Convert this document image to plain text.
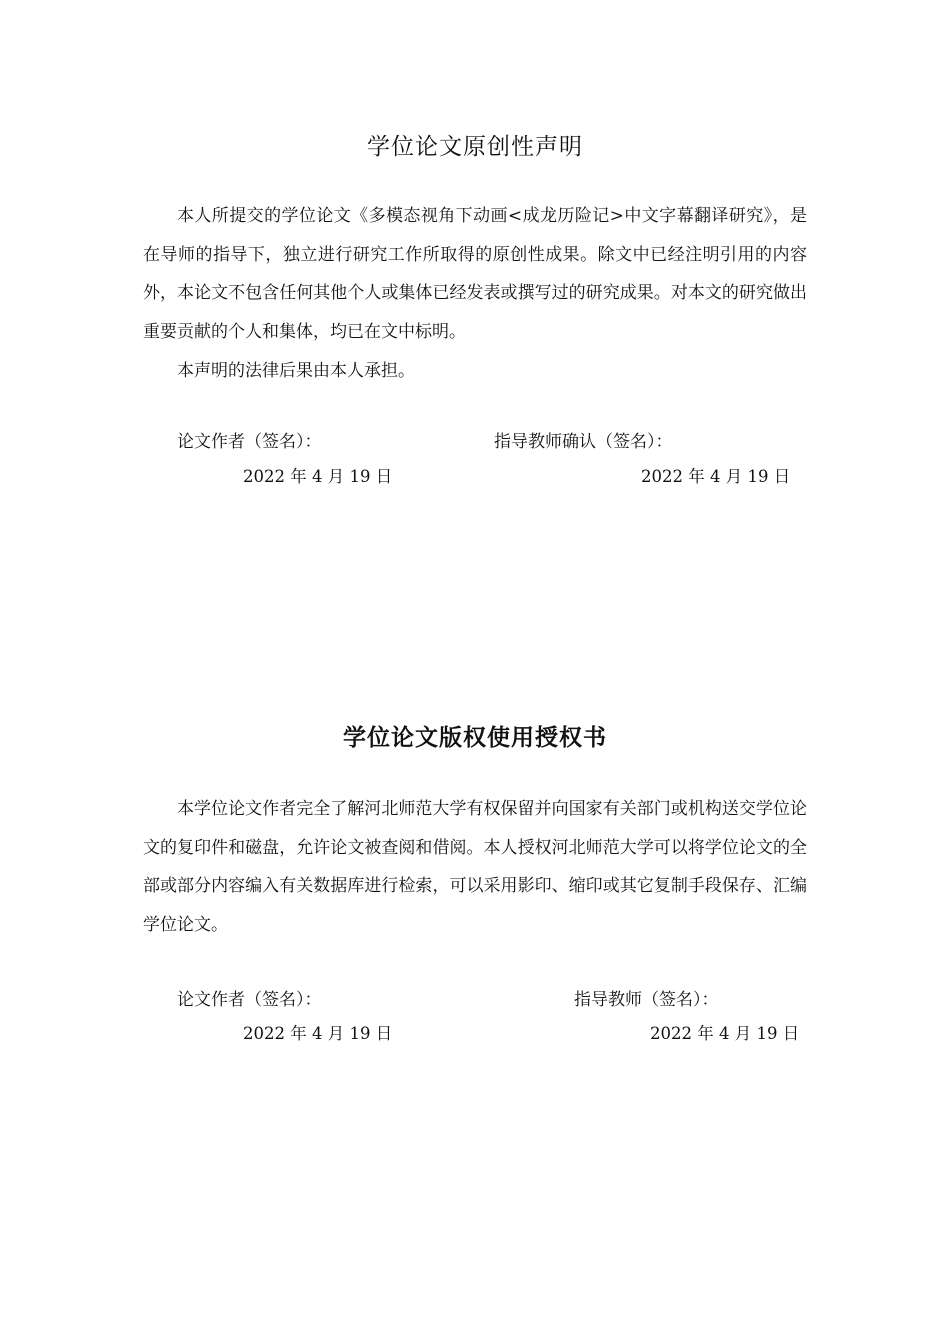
学位论文原创性声明
本人所提交的学位论文《多模态视角下动画<成龙历险记>中文字幕翻译研究》，是在导师的指导下，独立进行研究工作所取得的原创性成果。除文中已经注明引用的内容外，本论文不包含任何其他个人或集体已经发表或撰写过的研究成果。对本文的研究做出重要贡献的个人和集体，均已在文中标明。
本声明的法律后果由本人承担。
论文作者（签名）：	指导教师确认（签名）：
2022 年 4 月 19 日	2022 年 4 月 19 日
学位论文版权使用授权书
本学位论文作者完全了解河北师范大学有权保留并向国家有关部门或机构送交学位论文的复印件和磁盘，允许论文被查阅和借阅。本人授权河北师范大学可以将学位论文的全部或部分内容编入有关数据库进行检索，可以采用影印、缩印或其它复制手段保存、汇编学位论文。
论文作者（签名）：	指导教师（签名）：
2022 年 4 月 19 日	2022 年 4 月 19 日
